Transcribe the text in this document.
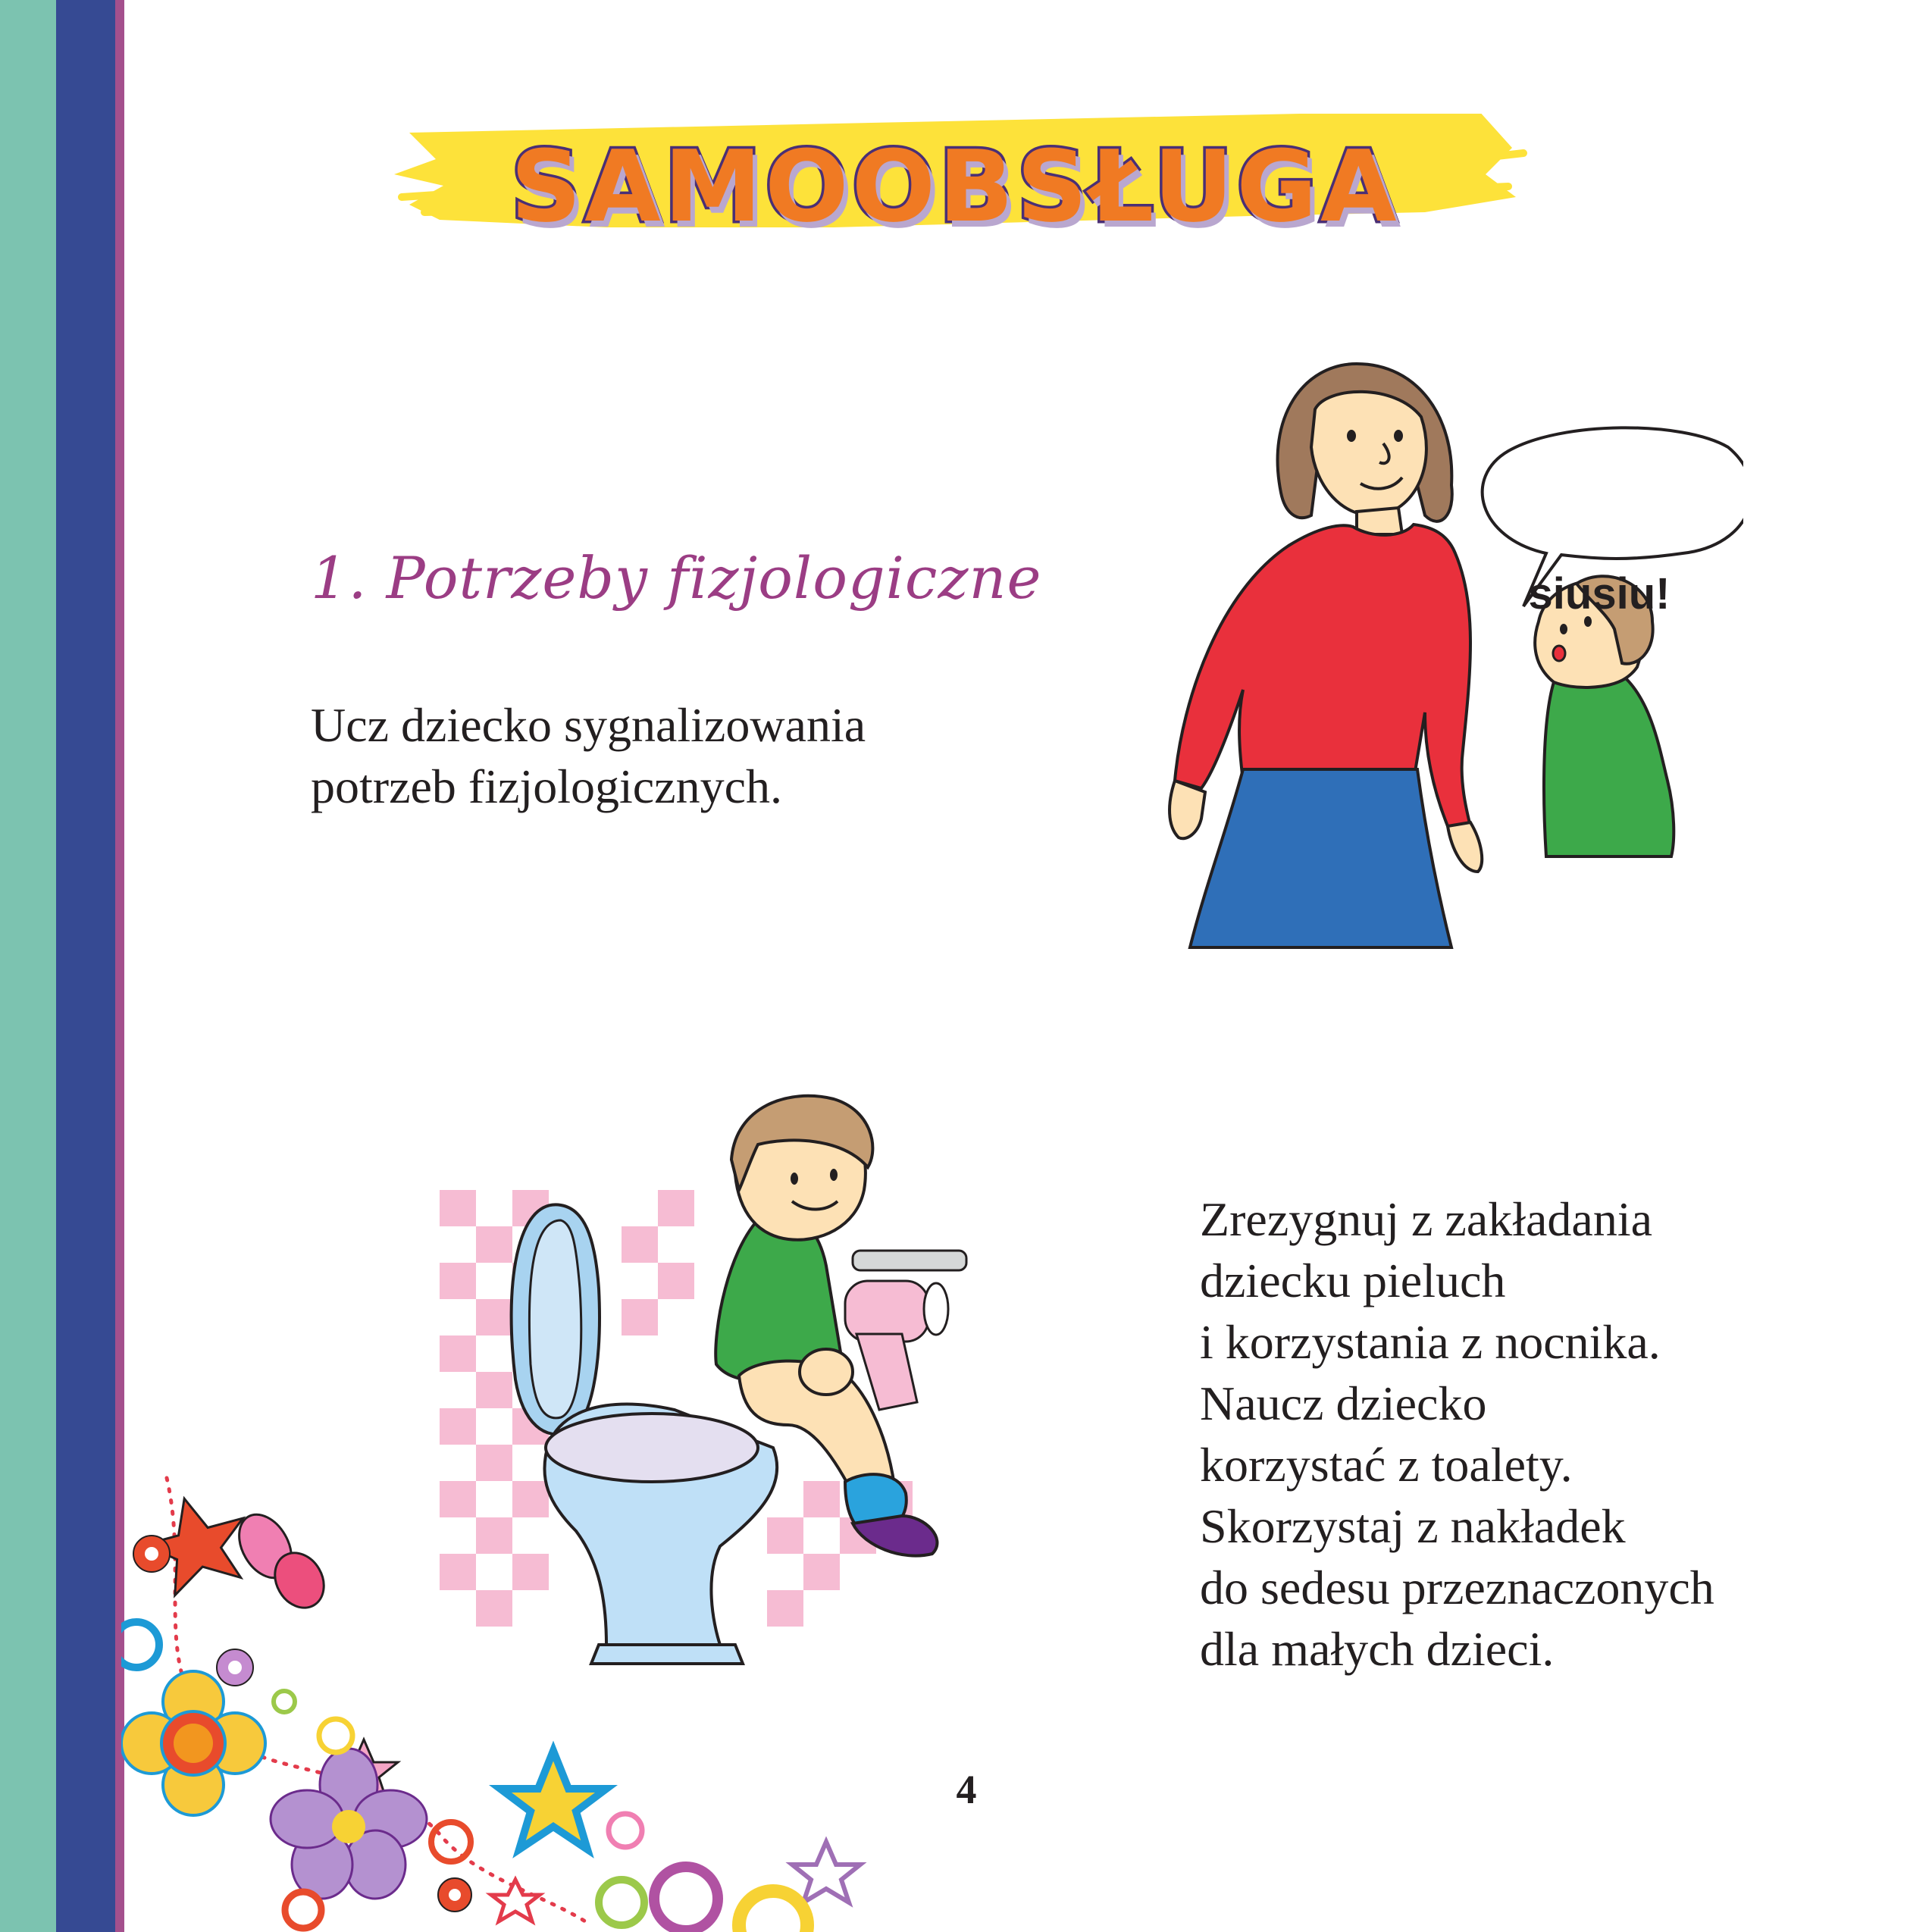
SAMOOBSŁUGA
1. Potrzeby fizjologiczne
Ucz dziecko sygnalizowania
potrzeb fizjologicznych.
siusiu!
Zrezygnuj z zakładania
dziecku pieluch
i korzystania z nocnika.
Naucz dziecko
korzystać z toalety.
Skorzystaj z nakładek
do sedesu przeznaczonych
dla małych dzieci.
4
